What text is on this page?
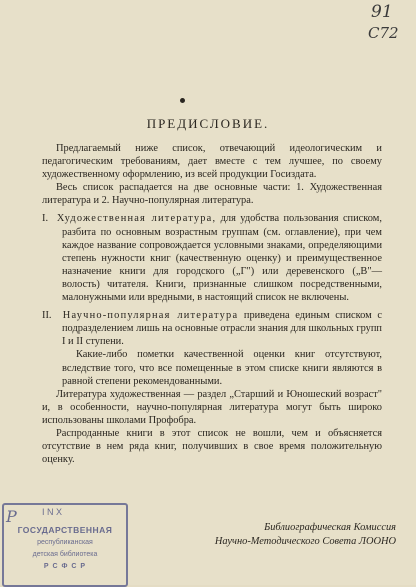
91
С72
ПРЕДИСЛОВИЕ.

Предлагаемый ниже список, отвечающий идеологическим и педагогическим требованиям, дает вместе с тем лучшее, по своему художественному оформлению, из всей продукции Госиздата.

Весь список распадается на две основные части: 1. Художественная литература и 2. Научно-популярная литература.

I. Художественная литература, для удобства пользования списком, разбита по основным возрастным группам (см. оглавление), при чем каждое название сопровождается условными знаками, определяющими степень нужности книг (качественную оценку) и преимущественное назначение книги для городского („Г") или деревенского („В"—волость) читателя. Книги, признанные слишком посредственными, малонужными или вредными, в настоящий список не включены.

II. Научно-популярная литература приведена единым списком с подразделением лишь на основные отрасли знания для школьных групп I и II ступени.

Какие-либо пометки качественной оценки книг отсутствуют, вследствие того, что все помещенные в этом списке книги являются в равной степени рекомендованными.

Литература художественная — раздел „Старший и Юношеский возраст" и, в особенности, научно-популярная литература могут быть широко использованы школами Профобра.

Распроданные книги в этот список не вошли, чем и объясняется отсутствие в нем ряда книг, получивших в свое время положительную оценку.

Библиографическая Комиссия
Научно-Методического Совета ЛООНО
Р	I N X
ГОСУДАРСТВЕННАЯ
республиканская
детская библиотека
Р С Ф С Р
